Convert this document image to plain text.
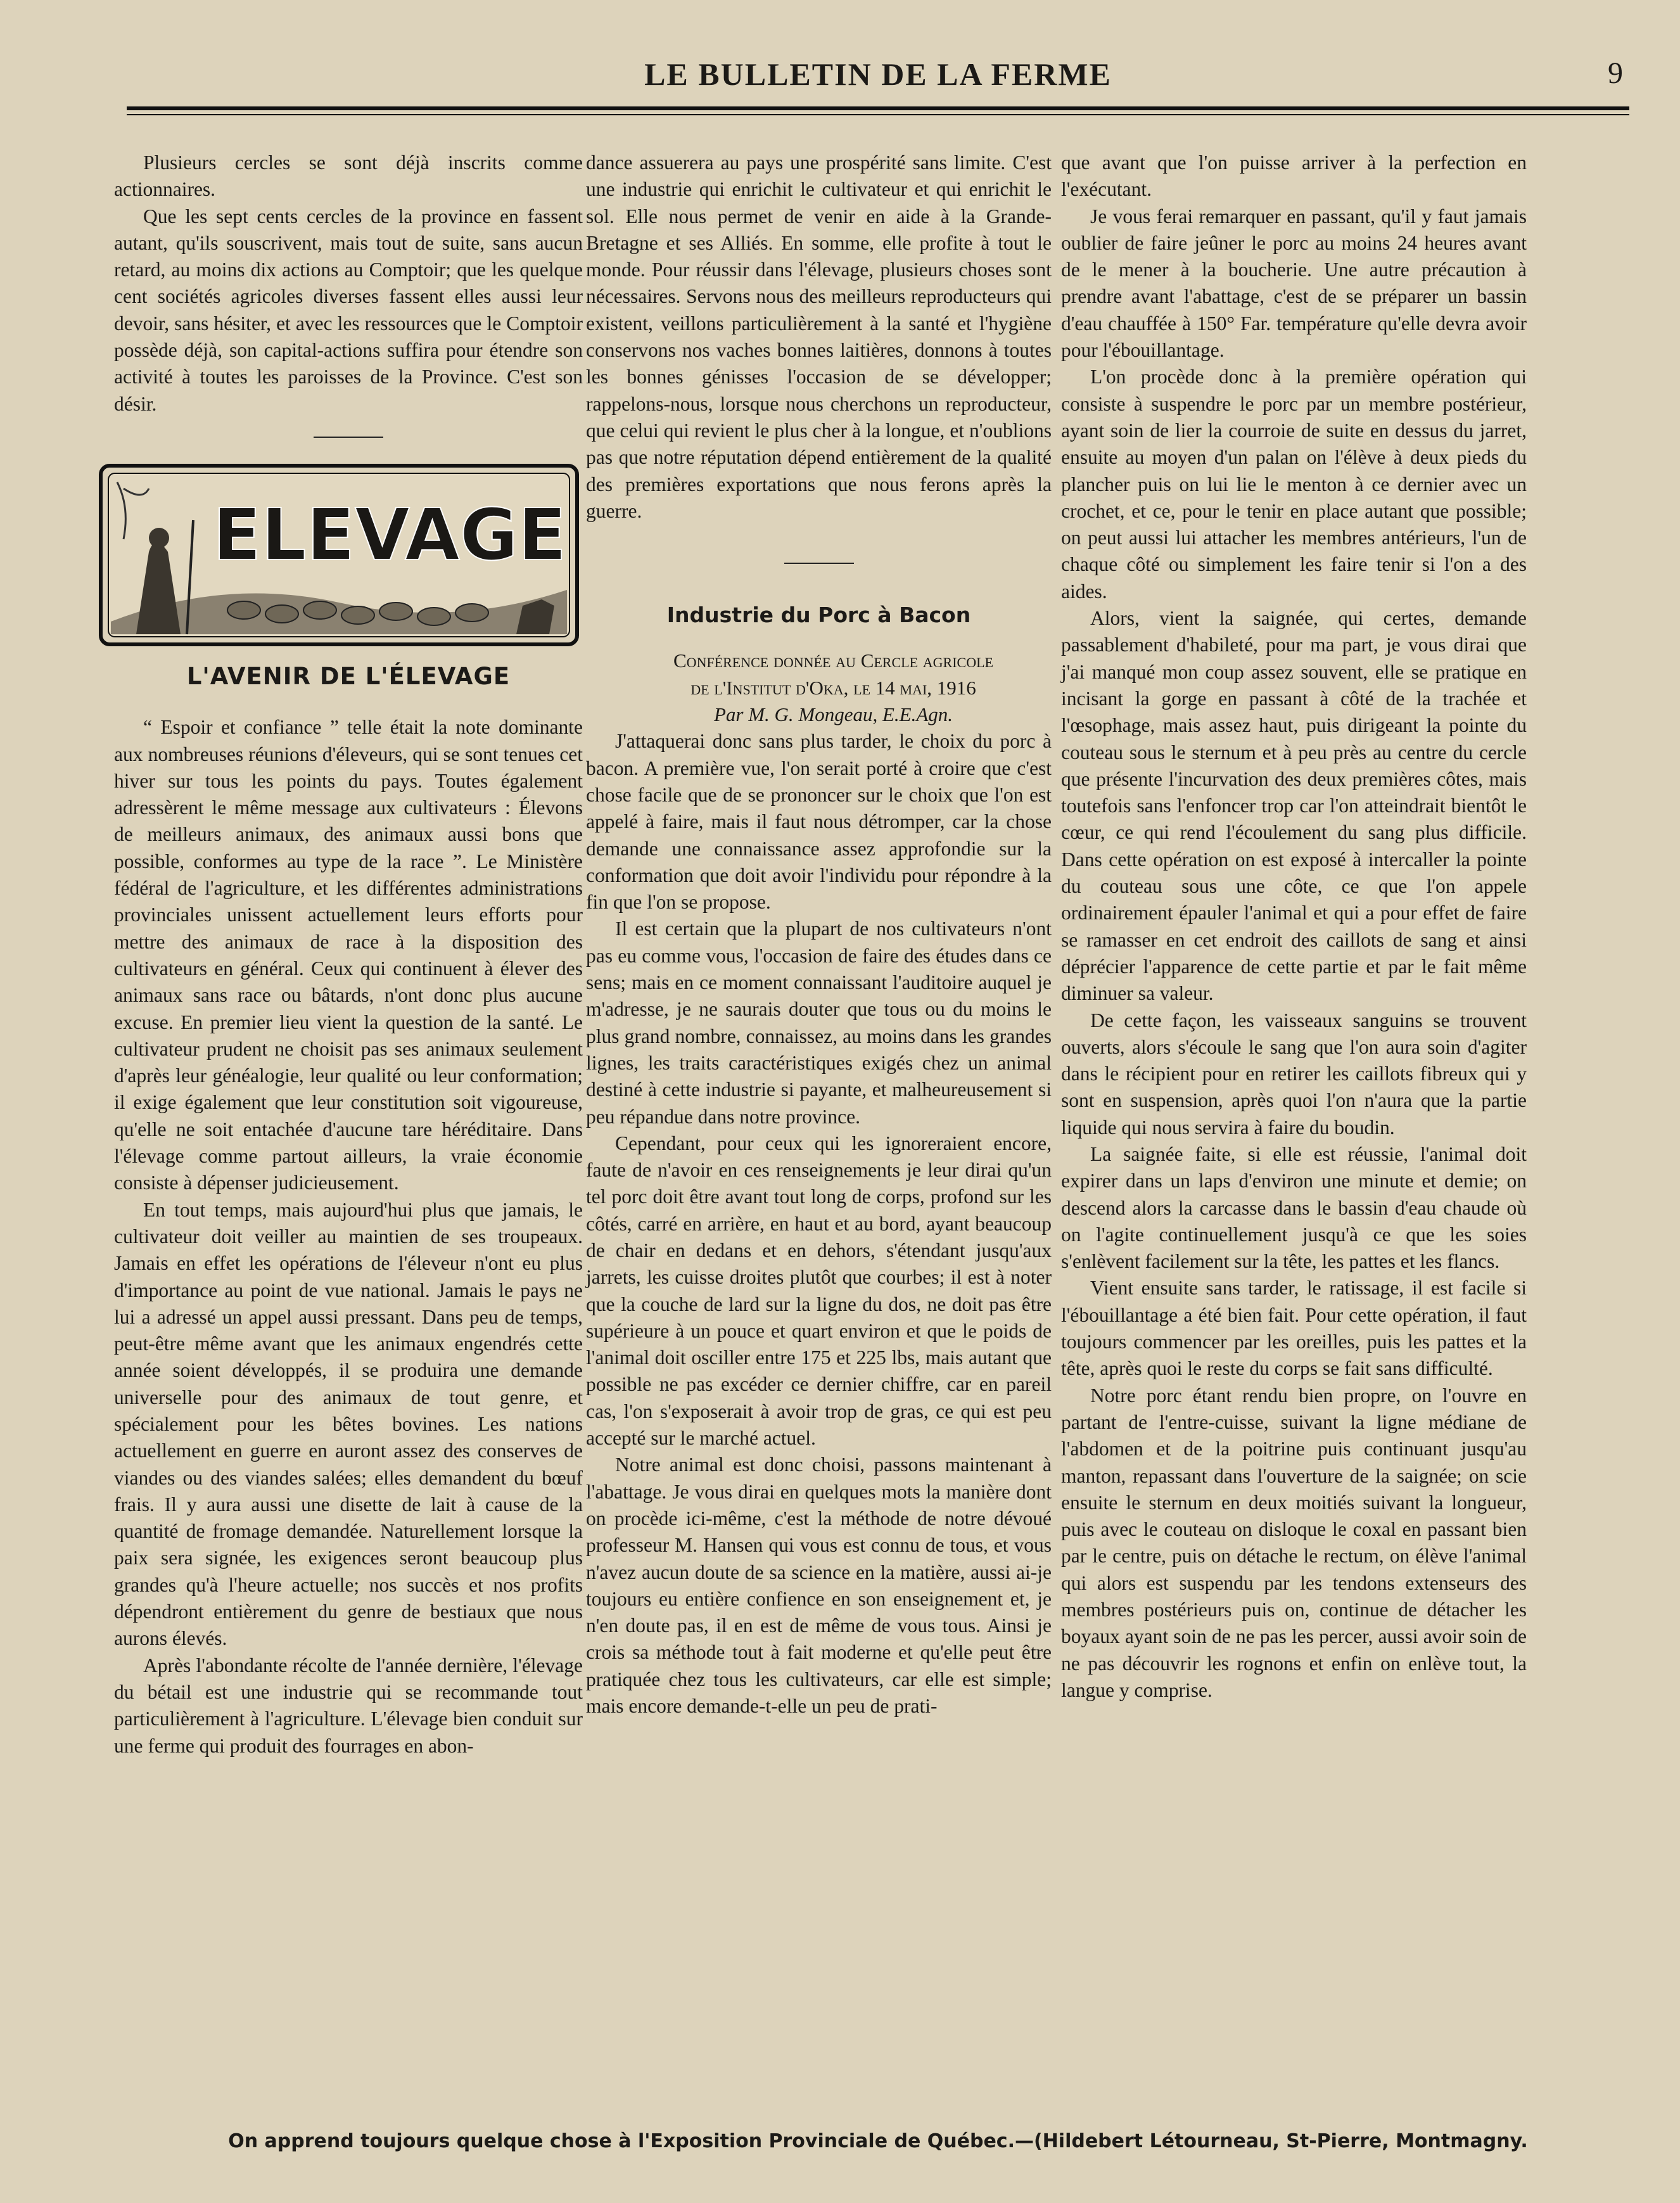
LE BULLETIN DE LA FERME	9

Plusieurs cercles se sont déjà inscrits comme actionnaires.

Que les sept cents cercles de la province en fassent autant, qu'ils souscrivent, mais tout de suite, sans aucun retard, au moins dix actions au Comptoir; que les quelque cent sociétés agricoles diverses fassent elles aussi leur devoir, sans hésiter, et avec les ressources que le Comptoir possède déjà, son capital-actions suffira pour étendre son activité à toutes les paroisses de la Province. C'est son désir.

ELEVAGE
L'AVENIR DE L'ÉLEVAGE

“ Espoir et confiance ” telle était la note dominante aux nombreuses réunions d'éleveurs, qui se sont tenues cet hiver sur tous les points du pays. Toutes également adressèrent le même message aux cultivateurs : Élevons de meilleurs animaux, des animaux aussi bons que possible, conformes au type de la race ”. Le Ministère fédéral de l'agriculture, et les différentes administrations provinciales unissent actuellement leurs efforts pour mettre des animaux de race à la disposition des cultivateurs en général. Ceux qui continuent à élever des animaux sans race ou bâtards, n'ont donc plus aucune excuse. En premier lieu vient la question de la santé. Le cultivateur prudent ne choisit pas ses animaux seulement d'après leur généalogie, leur qualité ou leur conformation; il exige également que leur constitution soit vigoureuse, qu'elle ne soit entachée d'aucune tare héréditaire. Dans l'élevage comme partout ailleurs, la vraie économie consiste à dépenser judicieusement.

En tout temps, mais aujourd'hui plus que jamais, le cultivateur doit veiller au maintien de ses troupeaux. Jamais en effet les opérations de l'éleveur n'ont eu plus d'importance au point de vue national. Jamais le pays ne lui a adressé un appel aussi pressant. Dans peu de temps, peut-être même avant que les animaux engendrés cette année soient développés, il se produira une demande universelle pour des animaux de tout genre, et spécialement pour les bêtes bovines. Les nations actuellement en guerre en auront assez des conserves de viandes ou des viandes salées; elles demandent du bœuf frais. Il y aura aussi une disette de lait à cause de la quantité de fromage demandée. Naturellement lorsque la paix sera signée, les exigences seront beaucoup plus grandes qu'à l'heure actuelle; nos succès et nos profits dépendront entièrement du genre de bestiaux que nous aurons élevés.

Après l'abondante récolte de l'année dernière, l'élevage du bétail est une industrie qui se recommande tout particulièrement à l'agriculture. L'élevage bien conduit sur une ferme qui produit des fourrages en abon-

dance assuerera au pays une prospérité sans limite. C'est une industrie qui enrichit le cultivateur et qui enrichit le sol. Elle nous permet de venir en aide à la Grande-Bretagne et ses Alliés. En somme, elle profite à tout le monde. Pour réussir dans l'élevage, plusieurs choses sont nécessaires. Servons nous des meilleurs reproducteurs qui existent, veillons particulièrement à la santé et l'hygiène conservons nos vaches bonnes laitières, donnons à toutes les bonnes génisses l'occasion de se développer; rappelons-nous, lorsque nous cherchons un reproducteur, que celui qui revient le plus cher à la longue, et n'oublions pas que notre réputation dépend entièrement de la qualité des premières exportations que nous ferons après la guerre.

Industrie du Porc à Bacon

Conférence donnée au Cercle agricole

de l'Institut d'Oka, le 14 mai, 1916

Par M. G. Mongeau, E.E.Agn.

J'attaquerai donc sans plus tarder, le choix du porc à bacon. A première vue, l'on serait porté à croire que c'est chose facile que de se prononcer sur le choix que l'on est appelé à faire, mais il faut nous détromper, car la chose demande une connaissance assez approfondie sur la conformation que doit avoir l'individu pour répondre à la fin que l'on se propose.

Il est certain que la plupart de nos cultivateurs n'ont pas eu comme vous, l'occasion de faire des études dans ce sens; mais en ce moment connaissant l'auditoire auquel je m'adresse, je ne saurais douter que tous ou du moins le plus grand nombre, connaissez, au moins dans les grandes lignes, les traits caractéristiques exigés chez un animal destiné à cette industrie si payante, et malheureusement si peu répandue dans notre province.

Cependant, pour ceux qui les ignoreraient encore, faute de n'avoir en ces renseignements je leur dirai qu'un tel porc doit être avant tout long de corps, profond sur les côtés, carré en arrière, en haut et au bord, ayant beaucoup de chair en dedans et en dehors, s'étendant jusqu'aux jarrets, les cuisse droites plutôt que courbes; il est à noter que la couche de lard sur la ligne du dos, ne doit pas être supérieure à un pouce et quart environ et que le poids de l'animal doit osciller entre 175 et 225 lbs, mais autant que possible ne pas excéder ce dernier chiffre, car en pareil cas, l'on s'exposerait à avoir trop de gras, ce qui est peu accepté sur le marché actuel.

Notre animal est donc choisi, passons maintenant à l'abattage. Je vous dirai en quelques mots la manière dont on procède ici-même, c'est la méthode de notre dévoué professeur M. Hansen qui vous est connu de tous, et vous n'avez aucun doute de sa science en la matière, aussi ai-je toujours eu entière confience en son enseignement et, je n'en doute pas, il en est de même de vous tous. Ainsi je crois sa méthode tout à fait moderne et qu'elle peut être pratiquée chez tous les cultivateurs, car elle est simple; mais encore demande-t-elle un peu de prati-

que avant que l'on puisse arriver à la perfection en l'exécutant.

Je vous ferai remarquer en passant, qu'il y faut jamais oublier de faire jeûner le porc au moins 24 heures avant de le mener à la boucherie. Une autre précaution à prendre avant l'abattage, c'est de se préparer un bassin d'eau chauffée à 150° Far. température qu'elle devra avoir pour l'ébouillantage.

L'on procède donc à la première opération qui consiste à suspendre le porc par un membre postérieur, ayant soin de lier la courroie de suite en dessus du jarret, ensuite au moyen d'un palan on l'élève à deux pieds du plancher puis on lui lie le menton à ce dernier avec un crochet, et ce, pour le tenir en place autant que possible; on peut aussi lui attacher les membres antérieurs, l'un de chaque côté ou simplement les faire tenir si l'on a des aides.

Alors, vient la saignée, qui certes, demande passablement d'habileté, pour ma part, je vous dirai que j'ai manqué mon coup assez souvent, elle se pratique en incisant la gorge en passant à côté de la trachée et l'œsophage, mais assez haut, puis dirigeant la pointe du couteau sous le sternum et à peu près au centre du cercle que présente l'incurvation des deux premières côtes, mais toutefois sans l'enfoncer trop car l'on atteindrait bientôt le cœur, ce qui rend l'écoulement du sang plus difficile. Dans cette opération on est exposé à intercaller la pointe du couteau sous une côte, ce que l'on appele ordinairement épauler l'animal et qui a pour effet de faire se ramasser en cet endroit des caillots de sang et ainsi déprécier l'apparence de cette partie et par le fait même diminuer sa valeur.

De cette façon, les vaisseaux sanguins se trouvent ouverts, alors s'écoule le sang que l'on aura soin d'agiter dans le récipient pour en retirer les caillots fibreux qui y sont en suspension, après quoi l'on n'aura que la partie liquide qui nous servira à faire du boudin.

La saignée faite, si elle est réussie, l'animal doit expirer dans un laps d'environ une minute et demie; on descend alors la carcasse dans le bassin d'eau chaude où on l'agite continuellement jusqu'à ce que les soies s'enlèvent facilement sur la tête, les pattes et les flancs.

Vient ensuite sans tarder, le ratissage, il est facile si l'ébouillantage a été bien fait. Pour cette opération, il faut toujours commencer par les oreilles, puis les pattes et la tête, après quoi le reste du corps se fait sans difficulté.

Notre porc étant rendu bien propre, on l'ouvre en partant de l'entre-cuisse, suivant la ligne médiane de l'abdomen et de la poitrine puis continuant jusqu'au manton, repassant dans l'ouverture de la saignée; on scie ensuite le sternum en deux moitiés suivant la longueur, puis avec le couteau on disloque le coxal en passant bien par le centre, puis on détache le rectum, on élève l'animal qui alors est suspendu par les tendons extenseurs des membres postérieurs puis on, continue de détacher les boyaux ayant soin de ne pas les percer, aussi avoir soin de ne pas découvrir les rognons et enfin on enlève tout, la langue y comprise.

On apprend toujours quelque chose à l'Exposition Provinciale de Québec.—(Hildebert Létourneau, St-Pierre, Montmagny.
